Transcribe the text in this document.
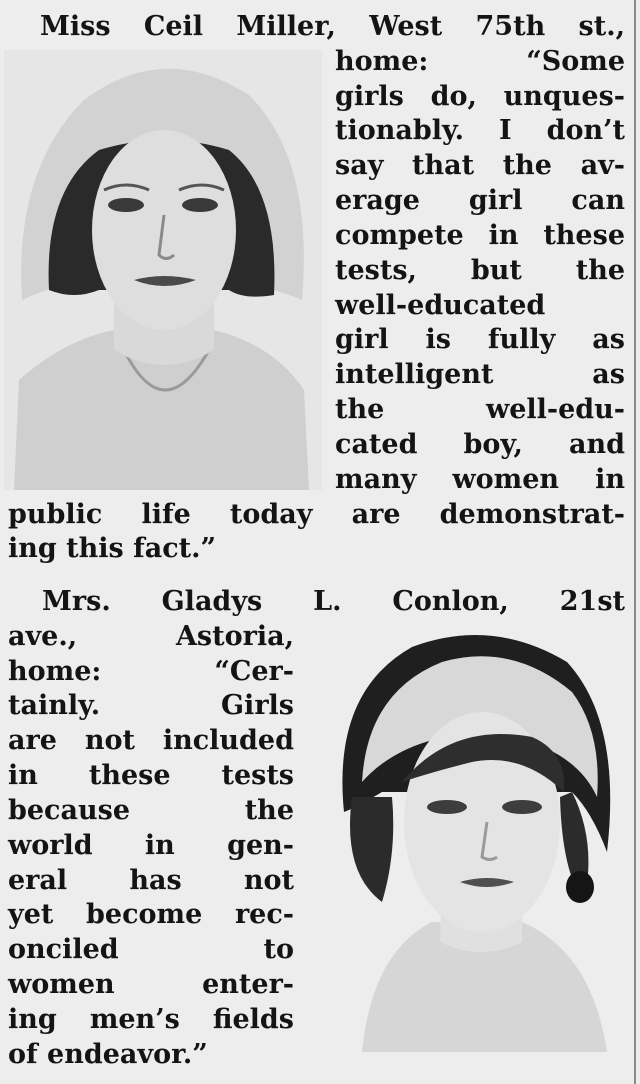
Miss Ceil Miller, West 75th st.,
home: “Some
girls do, unques-
tionably. I don’t
say that the av-
erage girl can
compete in these
tests, but the
well-educated
girl is fully as
intelligent as
the well-edu-
cated boy, and
many women in
public life today are demonstrat-
ing this fact.”
Mrs. Gladys L. Conlon, 21st
ave., Astoria,
home: “Cer-
tainly. Girls
are not included
in these tests
because the
world in gen-
eral has not
yet become rec-
onciled to
women enter-
ing men’s fields
of endeavor.”
